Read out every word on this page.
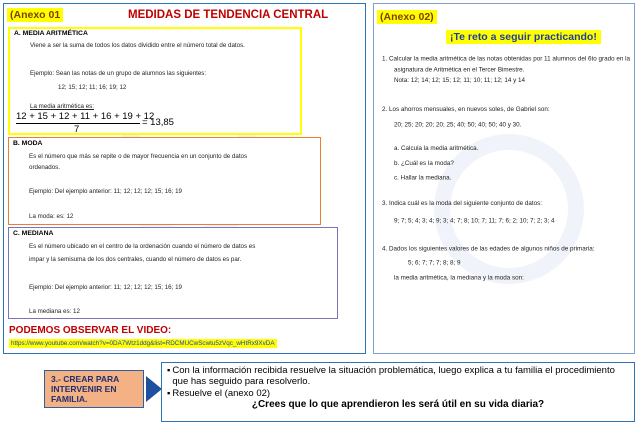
(Anexo 01	MEDIDAS DE TENDENCIA CENTRAL
A. MEDIA ARITMÉTICA
Viene a ser la suma de todos los datos dividido entre el número total de datos.
Ejemplo: Sean las notas de un grupo de alumnos las siguientes:
12; 15; 12; 11; 16; 19; 12
La media aritmética es:
12 + 15 + 12 + 11 + 16 + 19 + 12
7
= 13,85
B. MODA
Es el número que más se repite o de mayor frecuencia en un conjunto de datos
ordenados.
Ejemplo: Del ejemplo anterior: 11; 12; 12; 12; 15; 16; 19
La moda: es: 12
C. MEDIANA
Es el número ubicado en el centro de la ordenación cuando el número de datos es
impar y la semisuma de los dos centrales, cuando el número de datos es par.
Ejemplo: Del ejemplo anterior: 11; 12; 12; 12; 15; 16; 19
La mediana es: 12
PODEMOS OBSERVAR EL VIDEO:
https://www.youtube.com/watch?v=0DA7Wtz1ddg&list=RDCMUCwScwtu5zVqc_wHtRx9XvDA
(Anexo 02)
¡Te reto a seguir practicando!
1. Calcular la media aritmética de las notas obtenidas por 11 alumnos del 6to grado en la
asignatura de Aritmética en el Tercer Bimestre.
Nota: 12; 14; 12; 15; 12; 11; 10; 11; 12; 14 y 14
2. Los ahorros mensuales, en nuevos soles, de Gabriel son:
20; 25; 20; 20; 20; 25; 40; 50; 40; 50; 40 y 30.
a. Calcula la media aritmética.
b. ¿Cuál es la moda?
c. Hallar la mediana.
3. Indica cuál es la moda del siguiente conjunto de datos:
9; 7; 5; 4; 3; 4; 9; 3; 4; 7; 8; 10; 7; 11; 7; 6; 2; 10; 7; 2; 3; 4
4. Dados los siguientes valores de las edades de algunos niños de primaria:
5; 6; 7; 7; 7; 8; 8; 9
la media aritmética, la mediana y la moda son:
3.- CREAR PARA INTERVENIR EN FAMILIA.
▪ Con la información recibida resuelve la situación problemática, luego explica a tu familia el procedimiento que has seguido para resolverlo.
▪ Resuelve el (anexo 02)
¿Crees que lo que aprendieron les será útil en su vida diaria?
